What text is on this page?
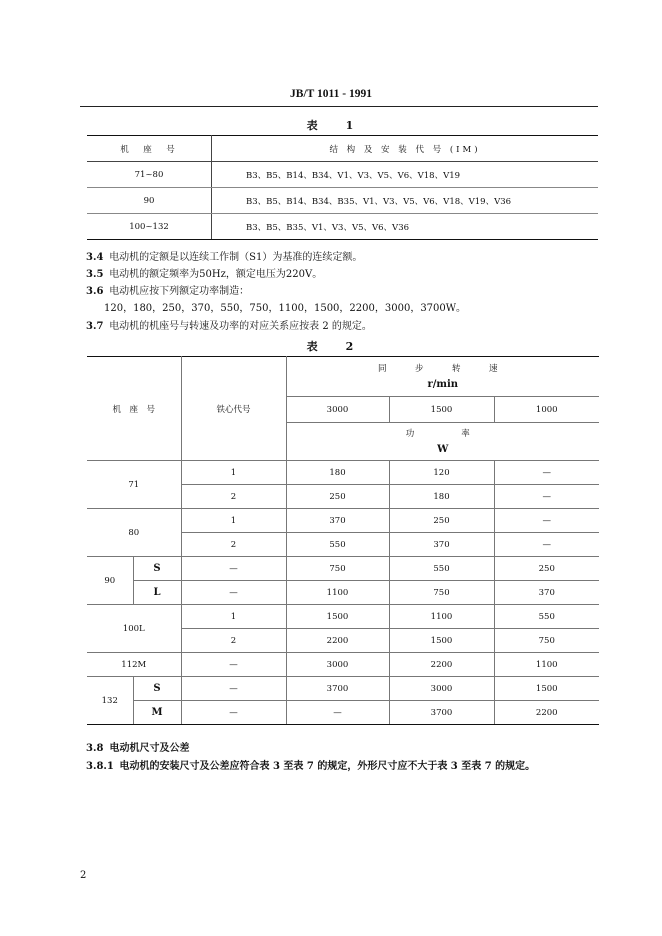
JB/T 1011 - 1991
表　　1
机　座　号	结 构 及 安 装 代 号 (IM)
71~80	B3、B5、B14、B34、V1、V3、V5、V6、V18、V19
90	B3、B5、B14、B34、B35、V1、V3、V5、V6、V18、V19、V36
100~132	B3、B5、B35、V1、V3、V5、V6、V36
3.4 电动机的定额是以连续工作制（S1）为基准的连续定额。
3.5 电动机的额定频率为50Hz，额定电压为220V。
3.6 电动机应按下列额定功率制造：
120，180，250，370，550，750，1100，1500，2200，3000，3700W。
3.7 电动机的机座号与转速及功率的对应关系应按表 2 的规定。
表　　2
机　座　号		铁心代号	同　步　转　速
r/min		

			3000	1500	1000

			功　　率
W		

71		1	180	120	—
		2	250	180	—
80		1	370	250	—
		2	550	370	—
90	S	—	750	550	250
	L	—	1100	750	370
100L		1	1500	1100	550
		2	2200	1500	750
112M		—	3000	2200	1100
132	S	—	3700	3000	1500
	M	—	—	3700	2200
3.8 电动机尺寸及公差
3.8.1 电动机的安装尺寸及公差应符合表 3 至表 7 的规定，外形尺寸应不大于表 3 至表 7 的规定。
2
